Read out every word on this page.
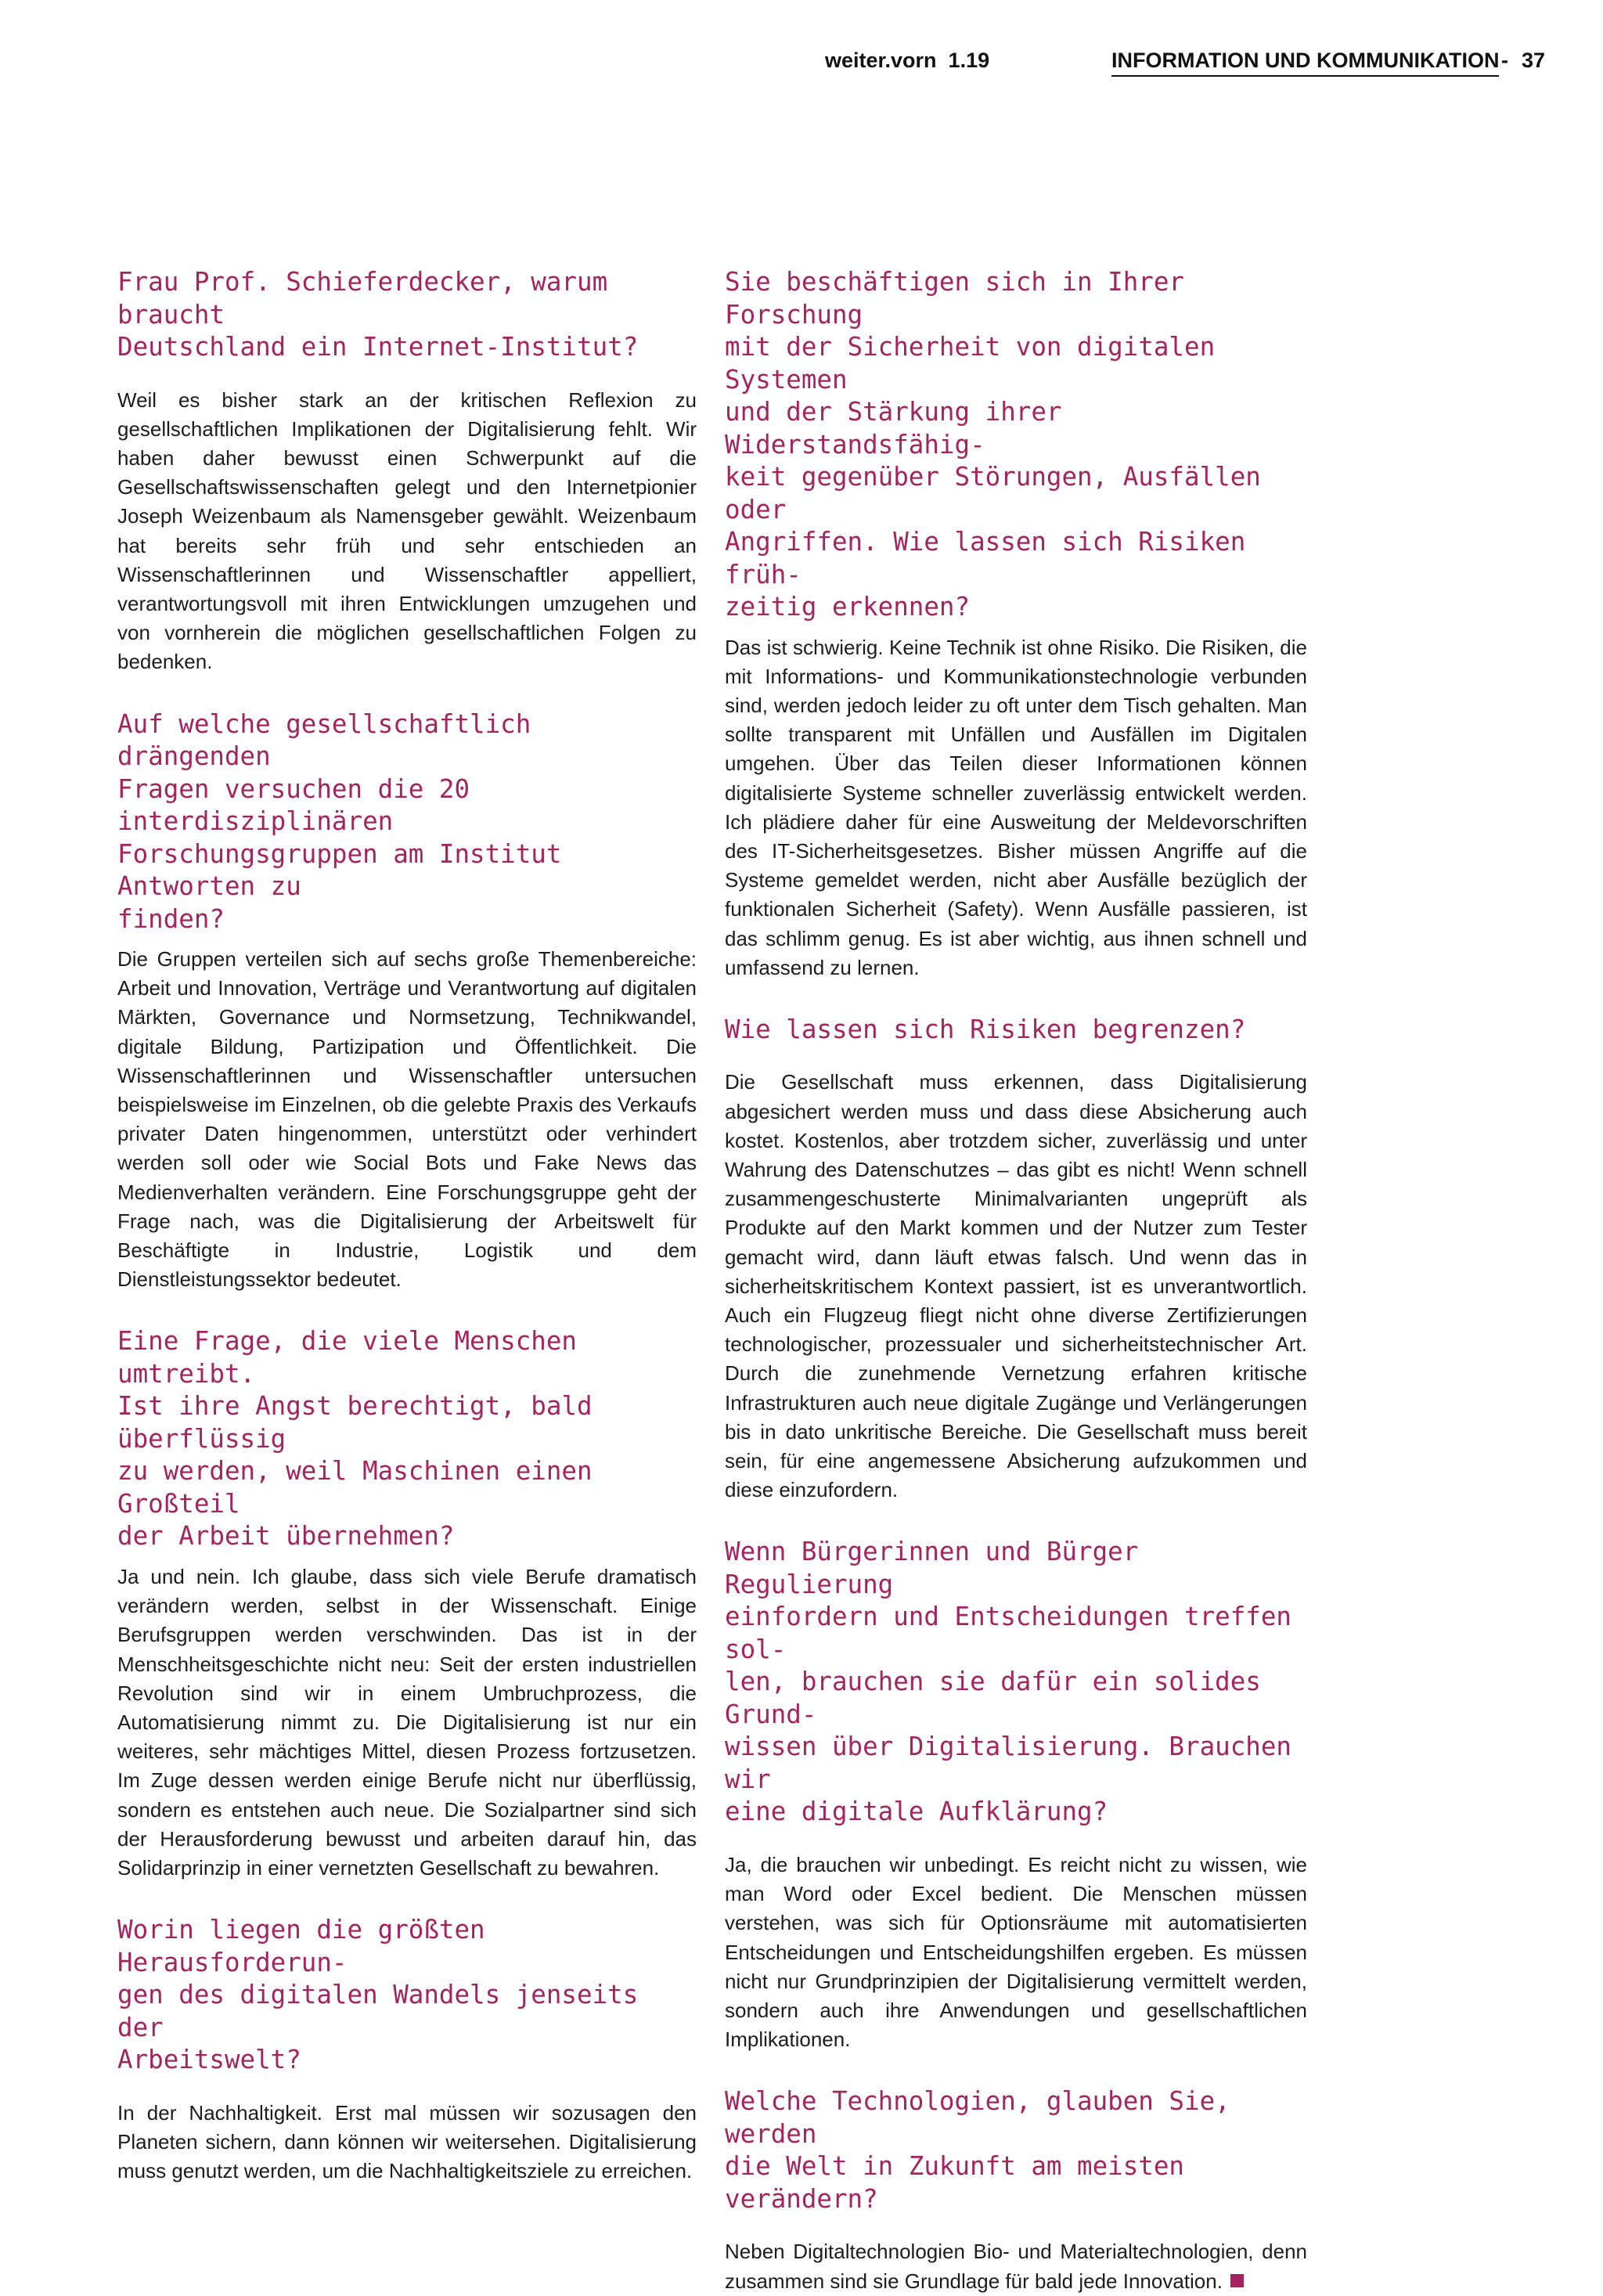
weiter.vorn  1.19	INFORMATION UND KOMMUNIKATION - 37
Frau Prof. Schieferdecker, warum braucht
Deutschland ein Internet-Institut?

Weil es bisher stark an der kritischen Reflexion zu gesellschaftlichen Implikationen der Digitalisierung fehlt. Wir haben daher bewusst einen Schwerpunkt auf die Gesellschaftswissenschaften gelegt und den Internetpionier Joseph Weizenbaum als Namensgeber gewählt. Weizenbaum hat bereits sehr früh und sehr entschieden an Wissenschaftlerinnen und Wissenschaftler appelliert, verantwortungsvoll mit ihren Entwicklungen umzugehen und von vornherein die möglichen gesellschaftlichen Folgen zu bedenken.

Auf welche gesellschaftlich drängenden
Fragen versuchen die 20 interdisziplinären
Forschungsgruppen am Institut Antworten zu
finden?

Die Gruppen verteilen sich auf sechs große Themenbereiche: Arbeit und Innovation, Verträge und Verantwortung auf digitalen Märkten, Governance und Normsetzung, Technikwandel, digitale Bildung, Partizipation und Öffentlichkeit. Die Wissenschaftlerinnen und Wissenschaftler untersuchen beispielsweise im Einzelnen, ob die gelebte Praxis des Verkaufs privater Daten hingenommen, unterstützt oder verhindert werden soll oder wie Social Bots und Fake News das Medienverhalten verändern. Eine Forschungsgruppe geht der Frage nach, was die Digitalisierung der Arbeitswelt für Beschäftigte in Industrie, Logistik und dem Dienstleistungssektor bedeutet.

Eine Frage, die viele Menschen umtreibt.
Ist ihre Angst berechtigt, bald überflüssig
zu werden, weil Maschinen einen Großteil
der Arbeit übernehmen?

Ja und nein. Ich glaube, dass sich viele Berufe dramatisch verändern werden, selbst in der Wissenschaft. Einige Berufsgruppen werden verschwinden. Das ist in der Menschheitsgeschichte nicht neu: Seit der ersten industriellen Revolution sind wir in einem Umbruchprozess, die Automatisierung nimmt zu. Die Digitalisierung ist nur ein weiteres, sehr mächtiges Mittel, diesen Prozess fortzusetzen. Im Zuge dessen werden einige Berufe nicht nur überflüssig, sondern es entstehen auch neue. Die Sozialpartner sind sich der Herausforderung bewusst und arbeiten darauf hin, das Solidarprinzip in einer vernetzten Gesellschaft zu bewahren.

Worin liegen die größten Herausforderun-
gen des digitalen Wandels jenseits der
Arbeitswelt?

In der Nachhaltigkeit. Erst mal müssen wir sozusagen den Planeten sichern, dann können wir weitersehen. Digitalisierung muss genutzt werden, um die Nachhaltigkeitsziele zu erreichen.

Sie beschäftigen sich in Ihrer Forschung
mit der Sicherheit von digitalen Systemen
und der Stärkung ihrer Widerstandsfähig-
keit gegenüber Störungen, Ausfällen oder
Angriffen. Wie lassen sich Risiken früh-
zeitig erkennen?

Das ist schwierig. Keine Technik ist ohne Risiko. Die Risiken, die mit Informations- und Kommunikationstechnologie verbunden sind, werden jedoch leider zu oft unter dem Tisch gehalten. Man sollte transparent mit Unfällen und Ausfällen im Digitalen umgehen. Über das Teilen dieser Informationen können digitalisierte Systeme schneller zuverlässig entwickelt werden. Ich plädiere daher für eine Ausweitung der Meldevorschriften des IT-Sicherheitsgesetzes. Bisher müssen Angriffe auf die Systeme gemeldet werden, nicht aber Ausfälle bezüglich der funktionalen Sicherheit (Safety). Wenn Ausfälle passieren, ist das schlimm genug. Es ist aber wichtig, aus ihnen schnell und umfassend zu lernen.

Wie lassen sich Risiken begrenzen?

Die Gesellschaft muss erkennen, dass Digitalisierung abgesichert werden muss und dass diese Absicherung auch kostet. Kostenlos, aber trotzdem sicher, zuverlässig und unter Wahrung des Datenschutzes – das gibt es nicht! Wenn schnell zusammengeschusterte Minimalvarianten ungeprüft als Produkte auf den Markt kommen und der Nutzer zum Tester gemacht wird, dann läuft etwas falsch. Und wenn das in sicherheitskritischem Kontext passiert, ist es unverantwortlich. Auch ein Flugzeug fliegt nicht ohne diverse Zertifizierungen technologischer, prozessualer und sicherheitstechnischer Art. Durch die zunehmende Vernetzung erfahren kritische Infrastrukturen auch neue digitale Zugänge und Verlängerungen bis in dato unkritische Bereiche. Die Gesellschaft muss bereit sein, für eine angemessene Absicherung aufzukommen und diese einzufordern.

Wenn Bürgerinnen und Bürger Regulierung
einfordern und Entscheidungen treffen sol-
len, brauchen sie dafür ein solides Grund-
wissen über Digitalisierung. Brauchen wir
eine digitale Aufklärung?

Ja, die brauchen wir unbedingt. Es reicht nicht zu wissen, wie man Word oder Excel bedient. Die Menschen müssen verstehen, was sich für Optionsräume mit automatisierten Entscheidungen und Entscheidungshilfen ergeben. Es müssen nicht nur Grundprinzipien der Digitalisierung vermittelt werden, sondern auch ihre Anwendungen und gesellschaftlichen Implikationen.

Welche Technologien, glauben Sie, werden
die Welt in Zukunft am meisten verändern?

Neben Digitaltechnologien Bio- und Materialtechnologien, denn zusammen sind sie Grundlage für bald jede Innovation.
